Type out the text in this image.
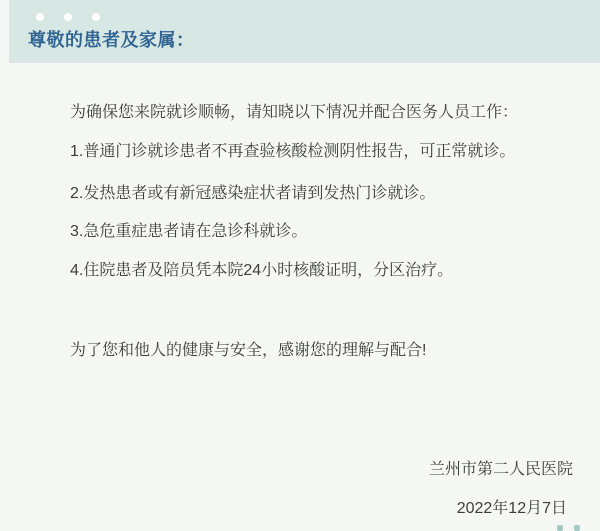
尊敬的患者及家属：

为确保您来院就诊顺畅，请知晓以下情况并配合医务人员工作：

1.普通门诊就诊患者不再查验核酸检测阴性报告，可正常就诊。

2.发热患者或有新冠感染症状者请到发热门诊就诊。

3.急危重症患者请在急诊科就诊。

4.住院患者及陪员凭本院24小时核酸证明，分区治疗。

为了您和他人的健康与安全，感谢您的理解与配合!

兰州市第二人民医院

2022年12月7日
